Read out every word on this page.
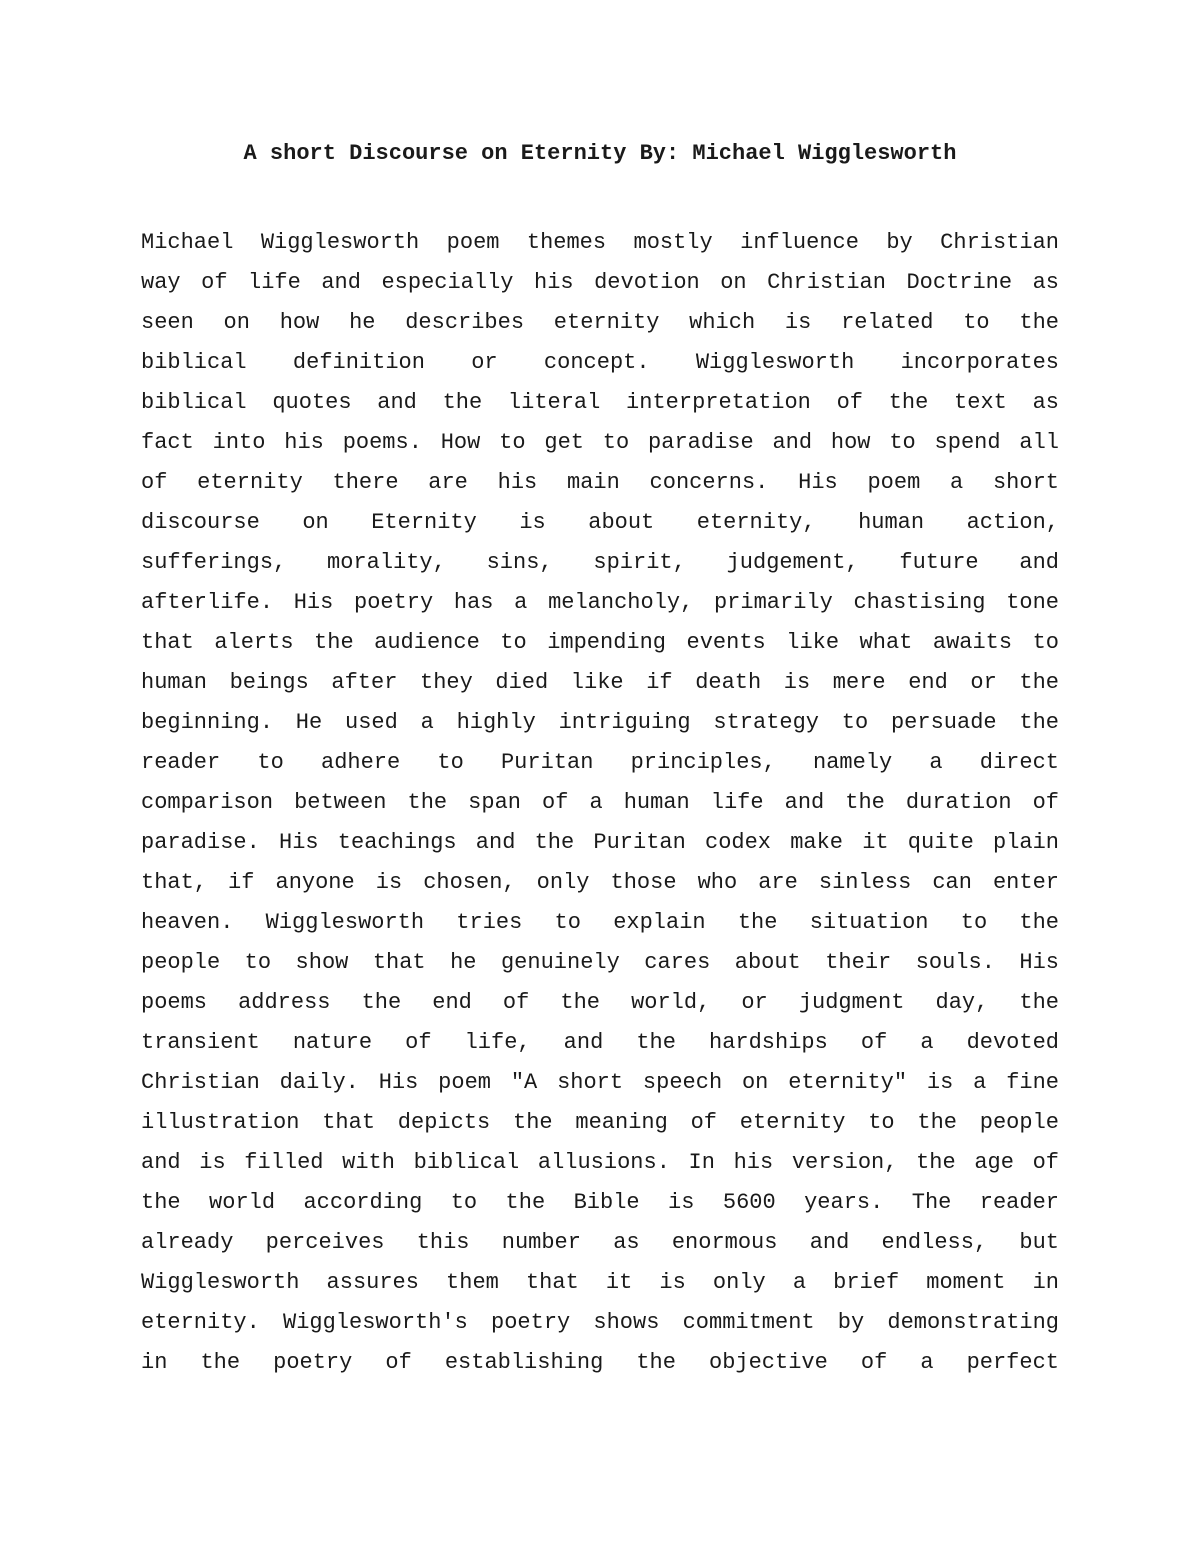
A short Discourse on Eternity By: Michael Wigglesworth
Michael Wigglesworth poem themes mostly influence by Christian
way of life and especially his devotion on Christian Doctrine as
seen on how he describes eternity which is related to the
biblical definition or concept. Wigglesworth incorporates
biblical quotes and the literal interpretation of the text as
fact into his poems. How to get to paradise and how to spend all
of eternity there are his main concerns. His poem a short
discourse on Eternity is about eternity, human action,
sufferings, morality, sins, spirit, judgement, future and
afterlife. His poetry has a melancholy, primarily chastising tone
that alerts the audience to impending events like what awaits to
human beings after they died like if death is mere end or the
beginning. He used a highly intriguing strategy to persuade the
reader to adhere to Puritan principles, namely a direct
comparison between the span of a human life and the duration of
paradise. His teachings and the Puritan codex make it quite plain
that, if anyone is chosen, only those who are sinless can enter
heaven. Wigglesworth tries to explain the situation to the
people to show that he genuinely cares about their souls. His
poems address the end of the world, or judgment day, the
transient nature of life, and the hardships of a devoted
Christian daily. His poem "A short speech on eternity" is a fine
illustration that depicts the meaning of eternity to the people
and is filled with biblical allusions. In his version, the age of
the world according to the Bible is 5600 years. The reader
already perceives this number as enormous and endless, but
Wigglesworth assures them that it is only a brief moment in
eternity. Wigglesworth's poetry shows commitment by demonstrating
in the poetry of establishing the objective of a perfect
